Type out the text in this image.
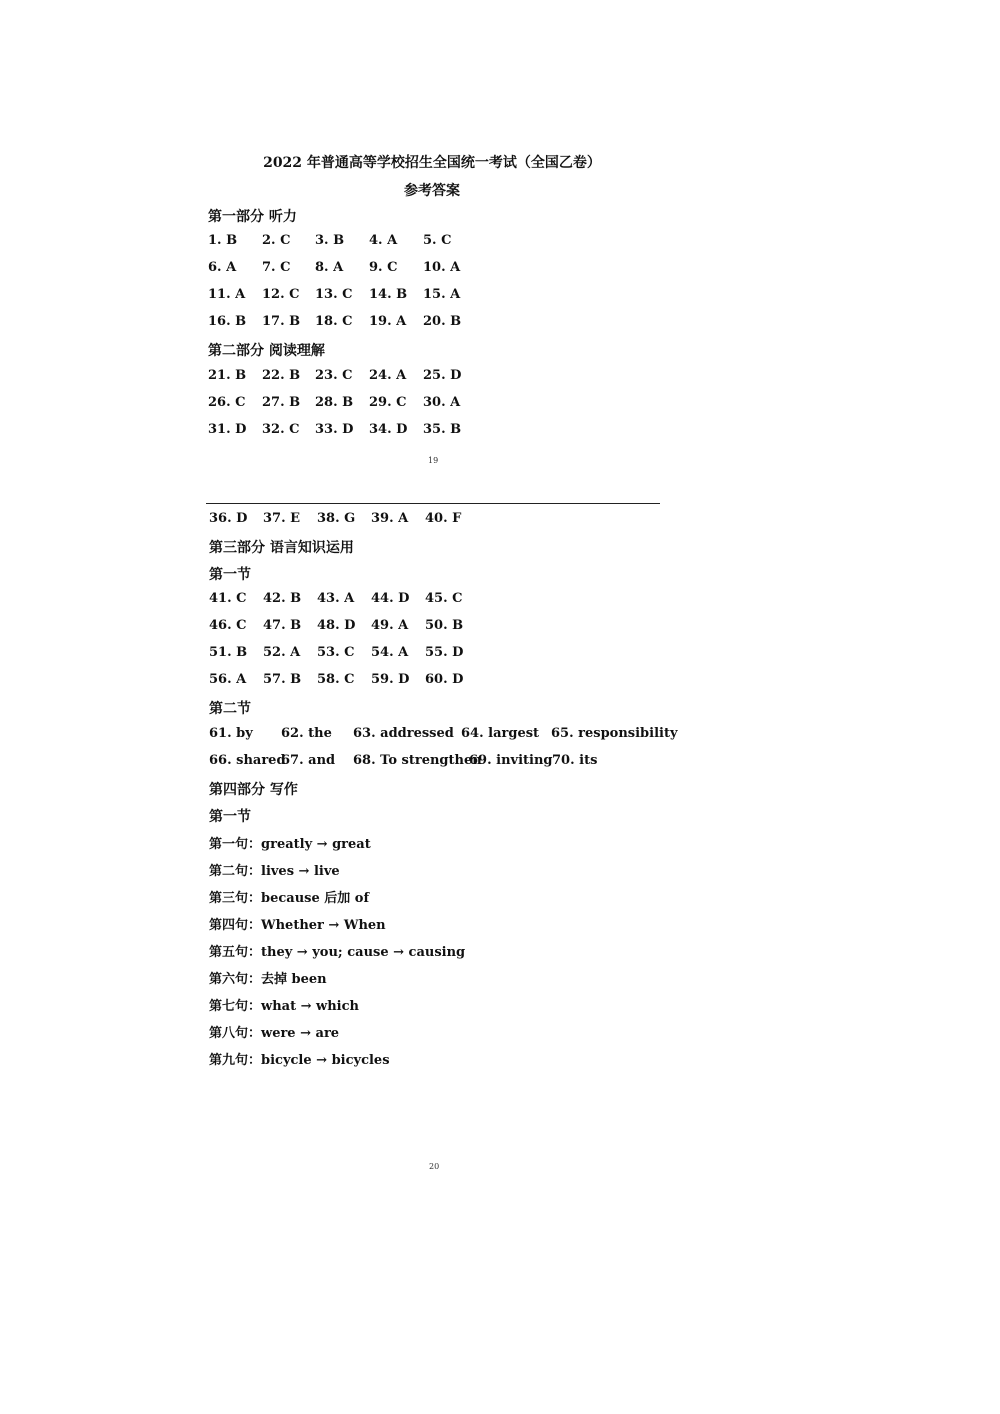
2022 年普通高等学校招生全国统一考试（全国乙卷）
参考答案
第一部分 听力
1. B 2. C 3. B 4. A 5. C
6. A 7. C 8. A 9. C 10. A
11. A 12. C 13. C 14. B 15. A
16. B 17. B 18. C 19. A 20. B
第二部分 阅读理解
21. B 22. B 23. C 24. A 25. D
26. C 27. B 28. B 29. C 30. A
31. D 32. C 33. D 34. D 35. B
19
36. D 37. E 38. G 39. A 40. F
第三部分 语言知识运用
第一节
41. C 42. B 43. A 44. D 45. C
46. C 47. B 48. D 49. A 50. B
51. B 52. A 53. C 54. A 55. D
56. A 57. B 58. C 59. D 60. D
第二节
61. by 62. the 63. addressed 64. largest 65. responsibility
66. shared
67. and 68. To strengthen
69. inviting 70. its
第四部分 写作
第一节
第一句：greatly → great
第二句：lives → live
第三句：because 后加 of
第四句：Whether → When
第五句：they → you; cause → causing
第六句：去掉 been
第七句：what → which
第八句：were → are
第九句：bicycle → bicycles
20
